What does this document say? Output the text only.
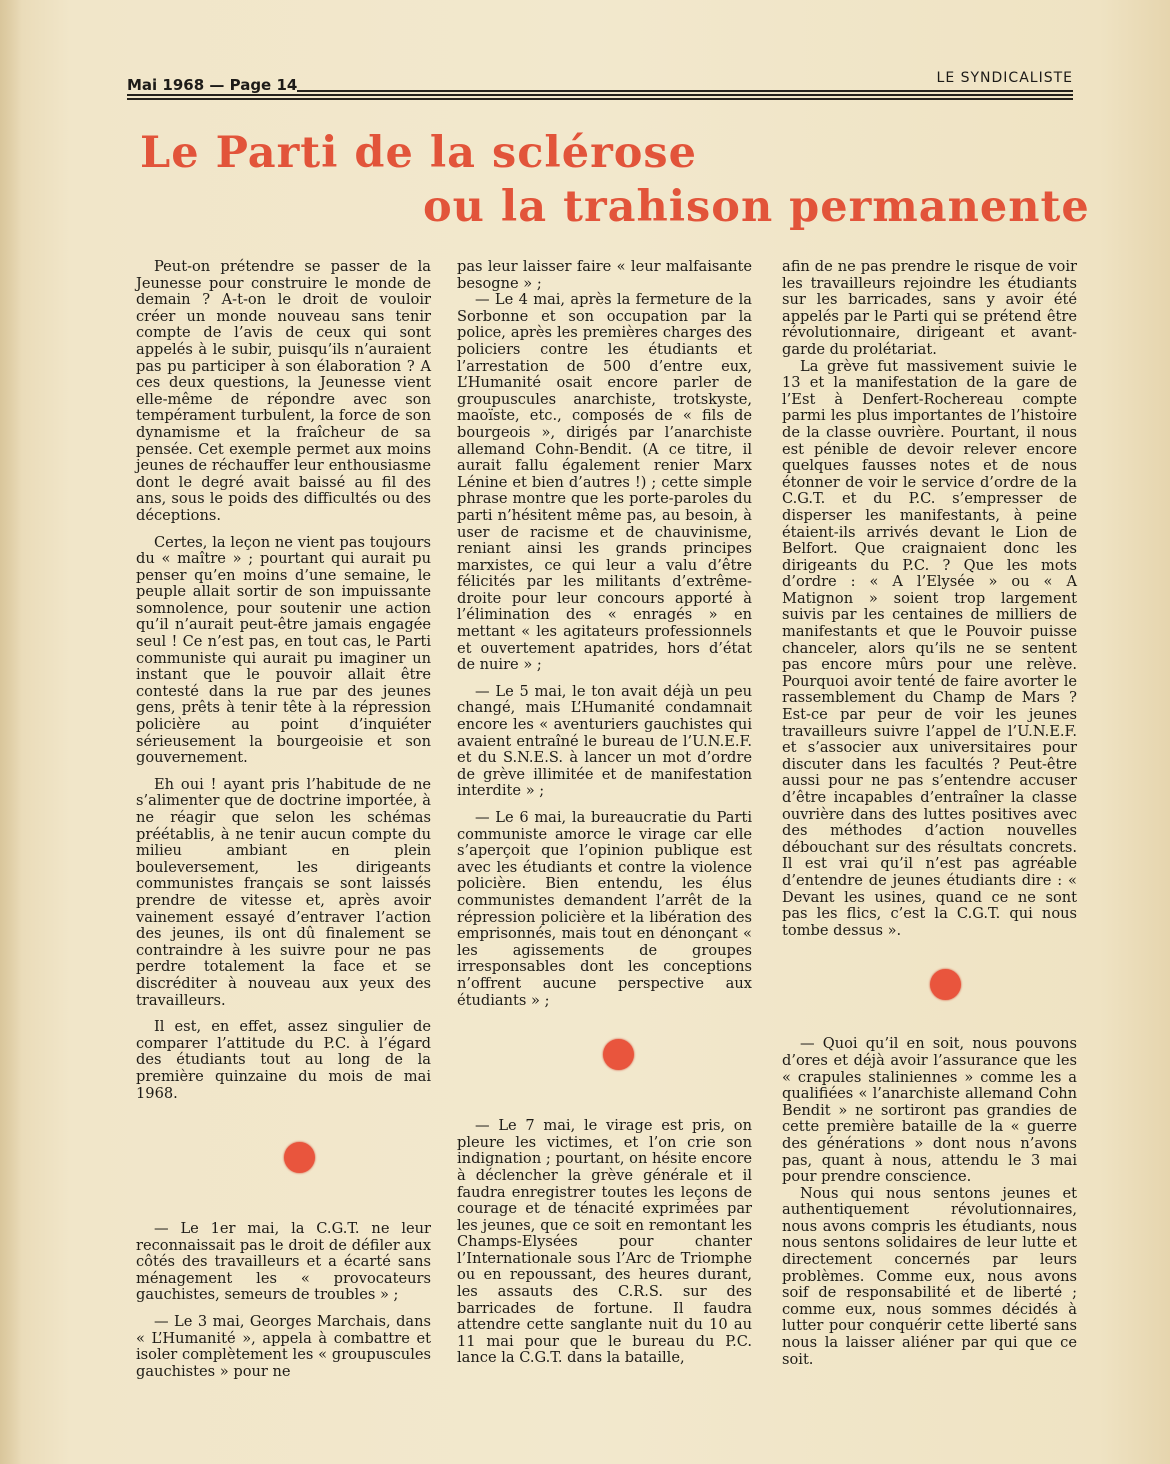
Mai 1968 — Page 14	LE SYNDICALISTE
Le Parti de la sclérose
ou la trahison permanente

Peut-on prétendre se passer de la Jeunesse pour construire le monde de demain ? A-t-on le droit de vouloir créer un monde nouveau sans tenir compte de l’avis de ceux qui sont appelés à le subir, puisqu’ils n’auraient pas pu participer à son élaboration ? A ces deux questions, la Jeunesse vient elle-même de répondre avec son tempérament turbulent, la force de son dynamisme et la fraîcheur de sa pensée. Cet exemple permet aux moins jeunes de réchauffer leur enthousiasme dont le degré avait baissé au fil des ans, sous le poids des difficultés ou des déceptions.

Certes, la leçon ne vient pas toujours du « maître » ; pourtant qui aurait pu penser qu’en moins d’une semaine, le peuple allait sortir de son impuissante somnolence, pour soutenir une action qu’il n’aurait peut-être jamais engagée seul ! Ce n’est pas, en tout cas, le Parti communiste qui aurait pu imaginer un instant que le pouvoir allait être contesté dans la rue par des jeunes gens, prêts à tenir tête à la répression policière au point d’inquiéter sérieusement la bourgeoisie et son gouvernement.

Eh oui ! ayant pris l’habitude de ne s’alimenter que de doctrine importée, à ne réagir que selon les schémas préétablis, à ne tenir aucun compte du milieu ambiant en plein bouleversement, les dirigeants communistes français se sont laissés prendre de vitesse et, après avoir vainement essayé d’entraver l’action des jeunes, ils ont dû finalement se contraindre à les suivre pour ne pas perdre totalement la face et se discréditer à nouveau aux yeux des travailleurs.

Il est, en effet, assez singulier de comparer l’attitude du P.C. à l’égard des étudiants tout au long de la première quinzaine du mois de mai 1968.

— Le 1er mai, la C.G.T. ne leur reconnaissait pas le droit de défiler aux côtés des travailleurs et a écarté sans ménagement les « provocateurs gauchistes, semeurs de troubles » ;

— Le 3 mai, Georges Marchais, dans « L’Humanité », appela à combattre et isoler complètement les « groupuscules gauchistes » pour ne

pas leur laisser faire « leur malfaisante besogne » ;

— Le 4 mai, après la fermeture de la Sorbonne et son occupation par la police, après les premières charges des policiers contre les étudiants et l’arrestation de 500 d’entre eux, L’Humanité osait encore parler de groupuscules anarchiste, trotskyste, maoïste, etc., composés de « fils de bourgeois », dirigés par l’anarchiste allemand Cohn-Bendit. (A ce titre, il aurait fallu également renier Marx Lénine et bien d’autres !) ; cette simple phrase montre que les porte-paroles du parti n’hésitent même pas, au besoin, à user de racisme et de chauvinisme, reniant ainsi les grands principes marxistes, ce qui leur a valu d’être félicités par les militants d’extrême-droite pour leur concours apporté à l’élimination des « enragés » en mettant « les agitateurs professionnels et ouvertement apatrides, hors d’état de nuire » ;

— Le 5 mai, le ton avait déjà un peu changé, mais L’Humanité condamnait encore les « aventuriers gauchistes qui avaient entraîné le bureau de l’U.N.E.F. et du S.N.E.S. à lancer un mot d’ordre de grève illimitée et de manifestation interdite » ;

— Le 6 mai, la bureaucratie du Parti communiste amorce le virage car elle s’aperçoit que l’opinion publique est avec les étudiants et contre la violence policière. Bien entendu, les élus communistes demandent l’arrêt de la répression policière et la libération des emprisonnés, mais tout en dénonçant « les agissements de groupes irresponsables dont les conceptions n’offrent aucune perspective aux étudiants » ;

— Le 7 mai, le virage est pris, on pleure les victimes, et l’on crie son indignation ; pourtant, on hésite encore à déclencher la grève générale et il faudra enregistrer toutes les leçons de courage et de ténacité exprimées par les jeunes, que ce soit en remontant les Champs-Elysées pour chanter l’Internationale sous l’Arc de Triomphe ou en repoussant, des heures durant, les assauts des C.R.S. sur des barricades de fortune. Il faudra attendre cette sanglante nuit du 10 au 11 mai pour que le bureau du P.C. lance la C.G.T. dans la bataille,

afin de ne pas prendre le risque de voir les travailleurs rejoindre les étudiants sur les barricades, sans y avoir été appelés par le Parti qui se prétend être révolutionnaire, dirigeant et avant-garde du prolétariat.

La grève fut massivement suivie le 13 et la manifestation de la gare de l’Est à Denfert-Rochereau compte parmi les plus importantes de l’histoire de la classe ouvrière. Pourtant, il nous est pénible de devoir relever encore quelques fausses notes et de nous étonner de voir le service d’ordre de la C.G.T. et du P.C. s’empresser de disperser les manifestants, à peine étaient-ils arrivés devant le Lion de Belfort. Que craignaient donc les dirigeants du P.C. ? Que les mots d’ordre : « A l’Elysée » ou « A Matignon » soient trop largement suivis par les centaines de milliers de manifestants et que le Pouvoir puisse chanceler, alors qu’ils ne se sentent pas encore mûrs pour une relève. Pourquoi avoir tenté de faire avorter le rassemblement du Champ de Mars ? Est-ce par peur de voir les jeunes travailleurs suivre l’appel de l’U.N.E.F. et s’associer aux universitaires pour discuter dans les facultés ? Peut-être aussi pour ne pas s’entendre accuser d’être incapables d’entraîner la classe ouvrière dans des luttes positives avec des méthodes d’action nouvelles débouchant sur des résultats concrets. Il est vrai qu’il n’est pas agréable d’entendre de jeunes étudiants dire : « Devant les usines, quand ce ne sont pas les flics, c’est la C.G.T. qui nous tombe dessus ».

— Quoi qu’il en soit, nous pouvons d’ores et déjà avoir l’assurance que les « crapules staliniennes » comme les a qualifiées « l’anarchiste allemand Cohn Bendit » ne sortiront pas grandies de cette première bataille de la « guerre des générations » dont nous n’avons pas, quant à nous, attendu le 3 mai pour prendre conscience.

Nous qui nous sentons jeunes et authentiquement révolutionnaires, nous avons compris les étudiants, nous nous sentons solidaires de leur lutte et directement concernés par leurs problèmes. Comme eux, nous avons soif de responsabilité et de liberté ; comme eux, nous sommes décidés à lutter pour conquérir cette liberté sans nous la laisser aliéner par qui que ce soit.
